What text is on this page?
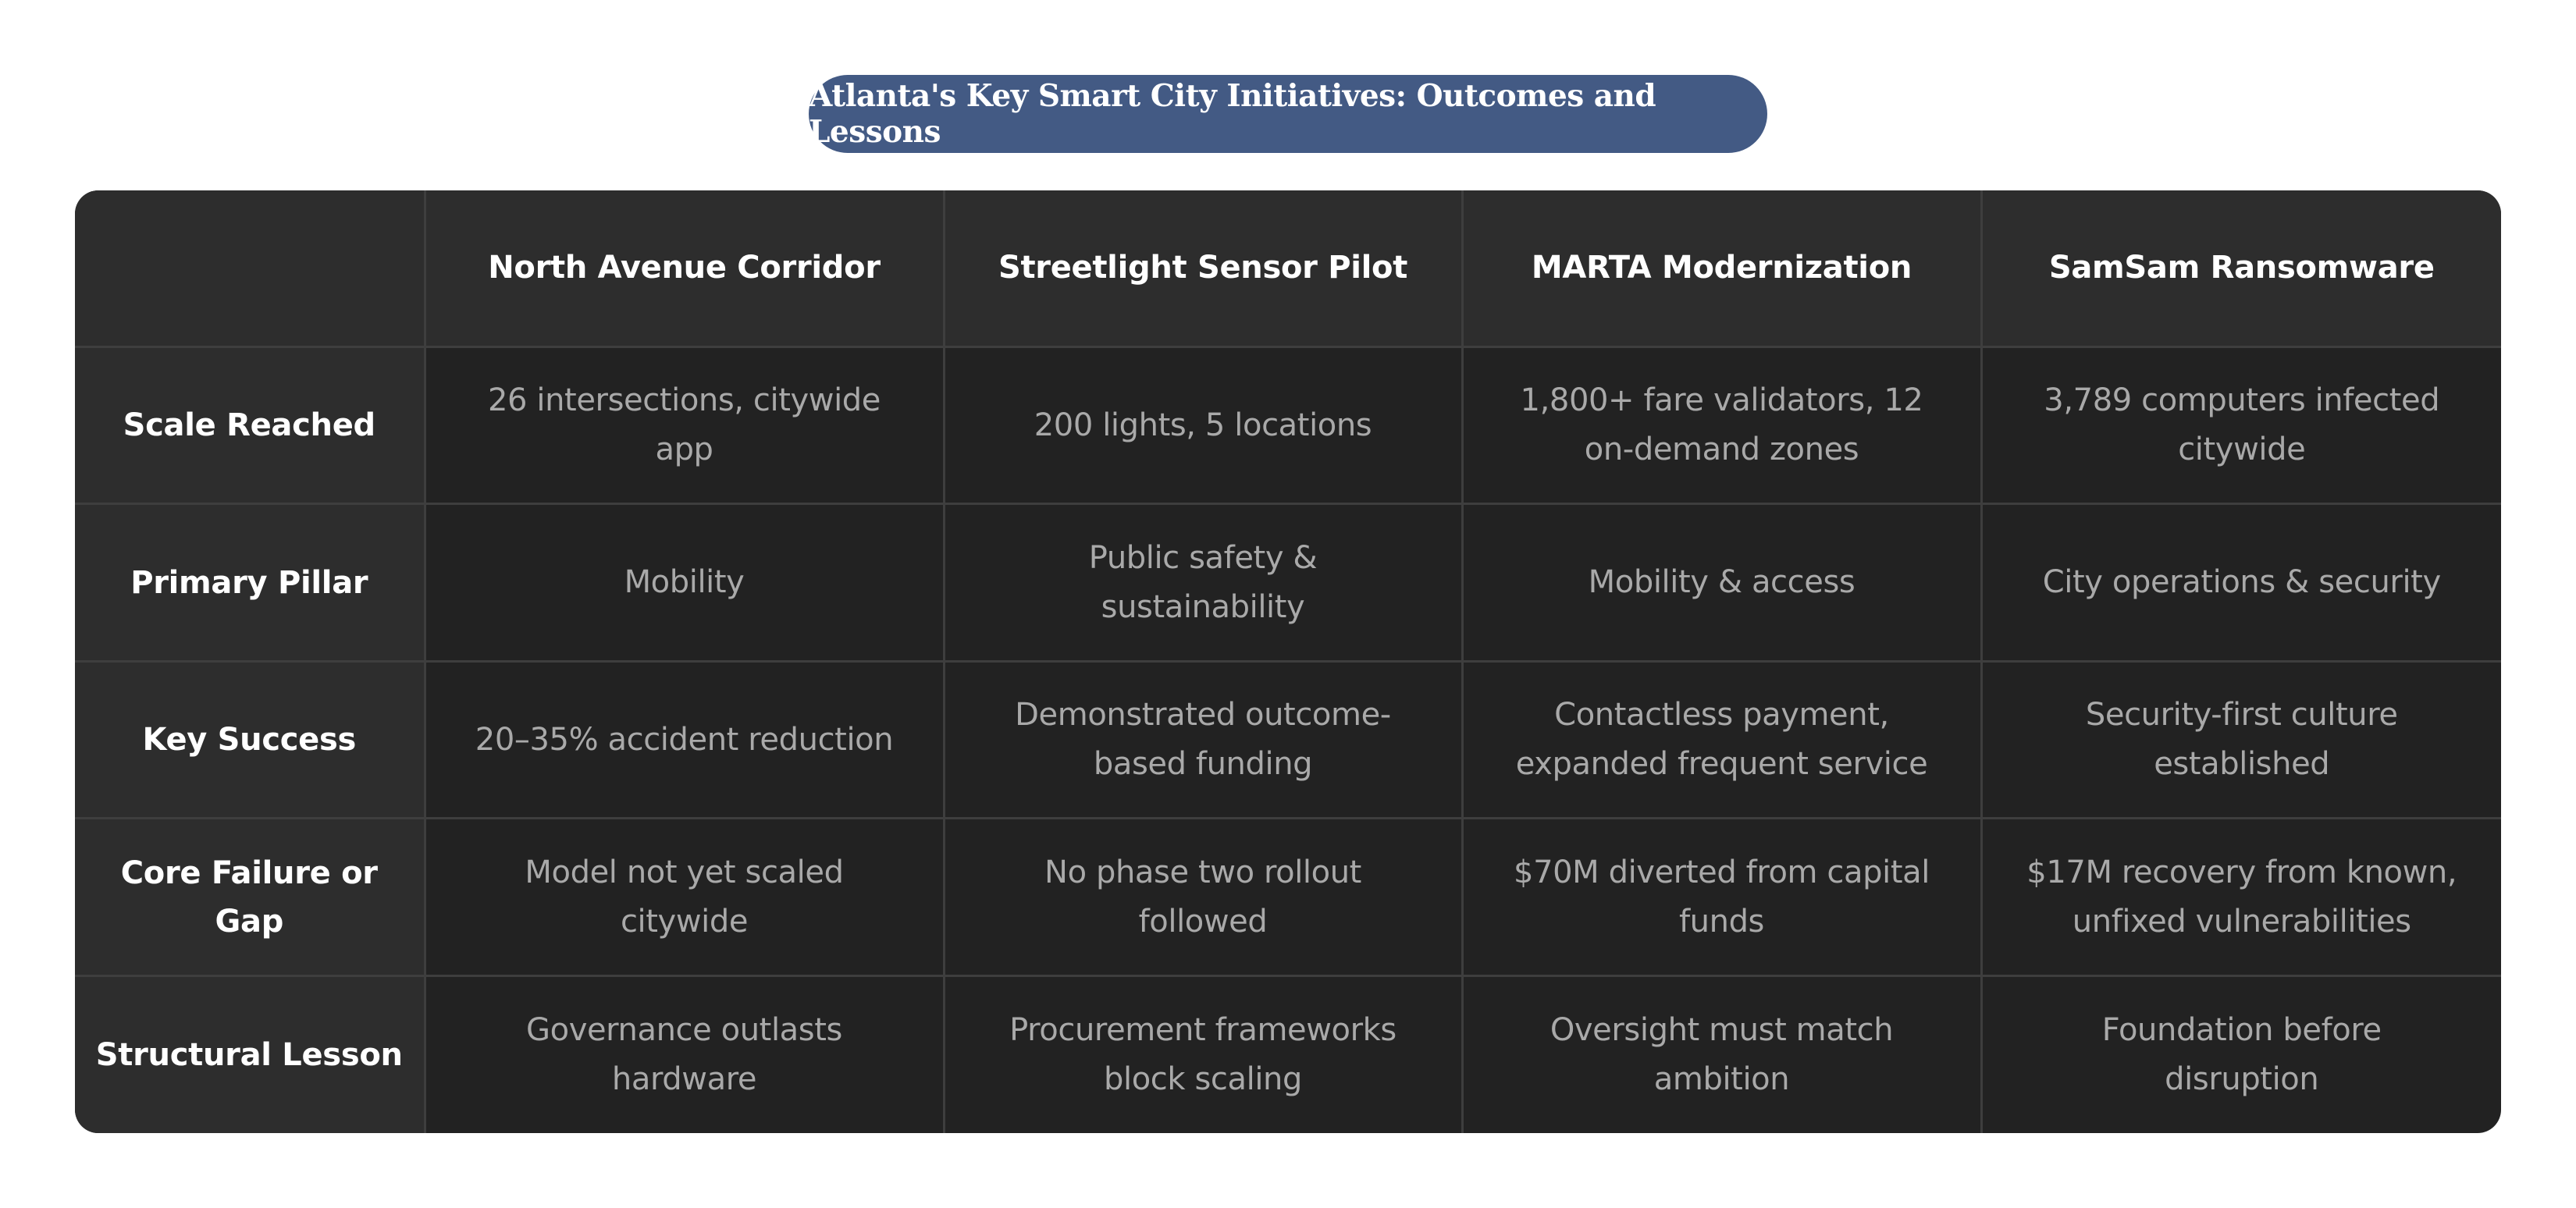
Atlanta's Key Smart City Initiatives: Outcomes and Lessons
	North Avenue Corridor	Streetlight Sensor Pilot	MARTA Modernization	SamSam Ransomware
Scale Reached	26 intersections, citywide app	200 lights, 5 locations	1,800+ fare validators, 12 on-demand zones	3,789 computers infected citywide
Primary Pillar	Mobility	Public safety & sustainability	Mobility & access	City operations & security
Key Success	20–35% accident reduction	Demonstrated outcome-based funding	Contactless payment, expanded frequent service	Security-first culture established
Core Failure or Gap	Model not yet scaled citywide	No phase two rollout followed	$70M diverted from capital funds	$17M recovery from known, unfixed vulnerabilities
Structural Lesson	Governance outlasts hardware	Procurement frameworks block scaling	Oversight must match ambition	Foundation before disruption
